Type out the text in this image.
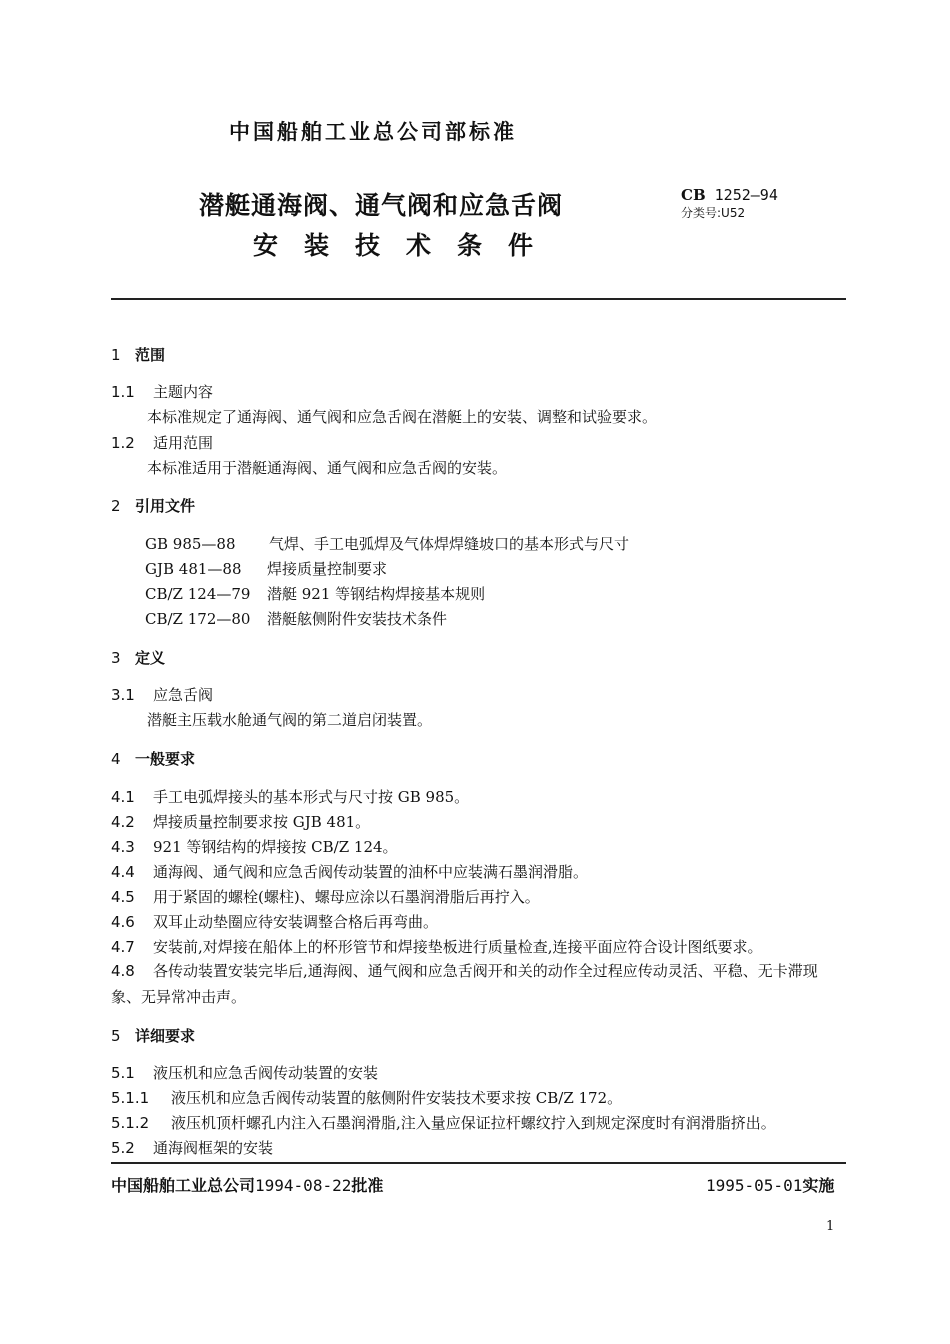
中国船舶工业总公司部标准
潜艇通海阀、通气阀和应急舌阀
安装技术条件
CB 1252—94
分类号:U52
1 范围
1.1 主题内容
本标准规定了通海阀、通气阀和应急舌阀在潜艇上的安装、调整和试验要求。
1.2 适用范围
本标准适用于潜艇通海阀、通气阀和应急舌阀的安装。
2 引用文件
GB 985—88 气焊、手工电弧焊及气体焊焊缝坡口的基本形式与尺寸
GJB 481—88 焊接质量控制要求
CB/Z 124—79 潜艇 921 等钢结构焊接基本规则
CB/Z 172—80 潜艇舷侧附件安装技术条件
3 定义
3.1 应急舌阀
潜艇主压载水舱通气阀的第二道启闭装置。
4 一般要求
4.1 手工电弧焊接头的基本形式与尺寸按 GB 985。
4.2 焊接质量控制要求按 GJB 481。
4.3 921 等钢结构的焊接按 CB/Z 124。
4.4 通海阀、通气阀和应急舌阀传动装置的油杯中应装满石墨润滑脂。
4.5 用于紧固的螺栓(螺柱)、螺母应涂以石墨润滑脂后再拧入。
4.6 双耳止动垫圈应待安装调整合格后再弯曲。
4.7 安装前,对焊接在船体上的杯形管节和焊接垫板进行质量检查,连接平面应符合设计图纸要求。
4.8 各传动装置安装完毕后,通海阀、通气阀和应急舌阀开和关的动作全过程应传动灵活、平稳、无卡滞现象、无异常冲击声。
5 详细要求
5.1 液压机和应急舌阀传动装置的安装
5.1.1 液压机和应急舌阀传动装置的舷侧附件安装技术要求按 CB/Z 172。
5.1.2 液压机顶杆螺孔内注入石墨润滑脂,注入量应保证拉杆螺纹拧入到规定深度时有润滑脂挤出。
5.2 通海阀框架的安装
中国船舶工业总公司1994-08-22批准	1995-05-01实施
1
